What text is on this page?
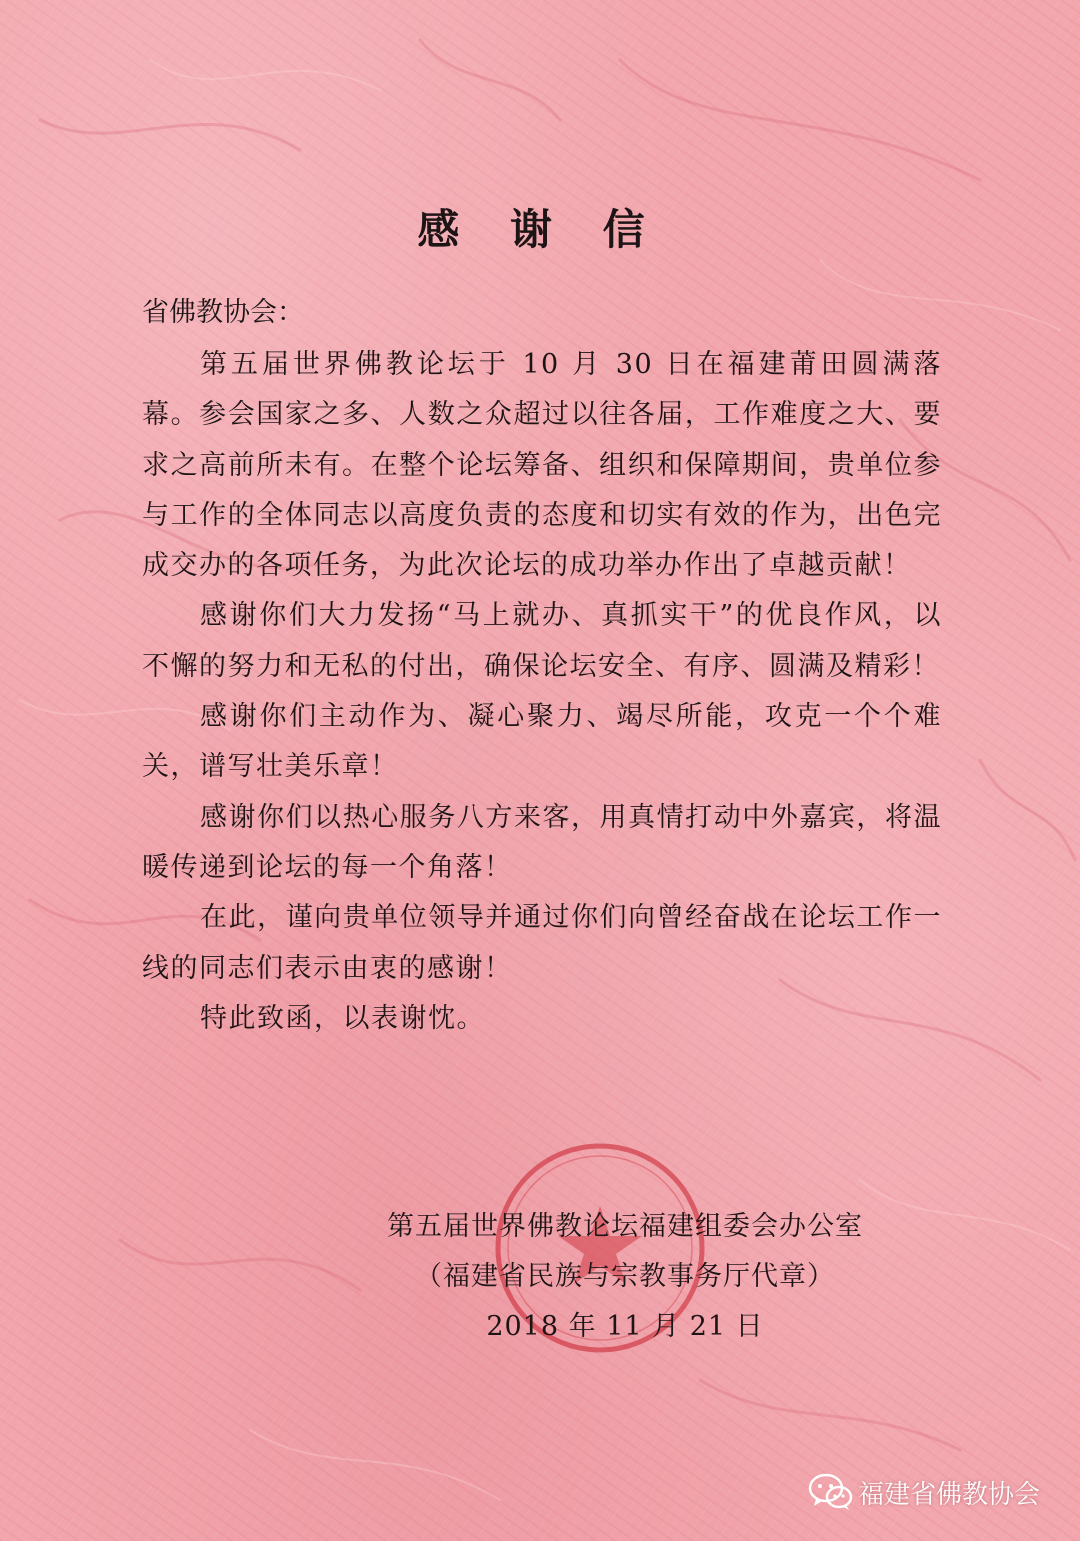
感 谢 信
省佛教协会：

第五届世界佛教论坛于 10 月 30 日在福建莆田圆满落幕。参会国家之多、人数之众超过以往各届，工作难度之大、要求之高前所未有。在整个论坛筹备、组织和保障期间，贵单位参与工作的全体同志以高度负责的态度和切实有效的作为，出色完成交办的各项任务，为此次论坛的成功举办作出了卓越贡献！

感谢你们大力发扬“马上就办、真抓实干”的优良作风，以不懈的努力和无私的付出，确保论坛安全、有序、圆满及精彩！

感谢你们主动作为、凝心聚力、竭尽所能，攻克一个个难关，谱写壮美乐章！

感谢你们以热心服务八方来客，用真情打动中外嘉宾，将温暖传递到论坛的每一个角落！

在此，谨向贵单位领导并通过你们向曾经奋战在论坛工作一线的同志们表示由衷的感谢！

特此致函，以表谢忱。

第五届世界佛教论坛福建组委会办公室
（福建省民族与宗教事务厅代章）
2018 年 11 月 21 日
福建省佛教协会
